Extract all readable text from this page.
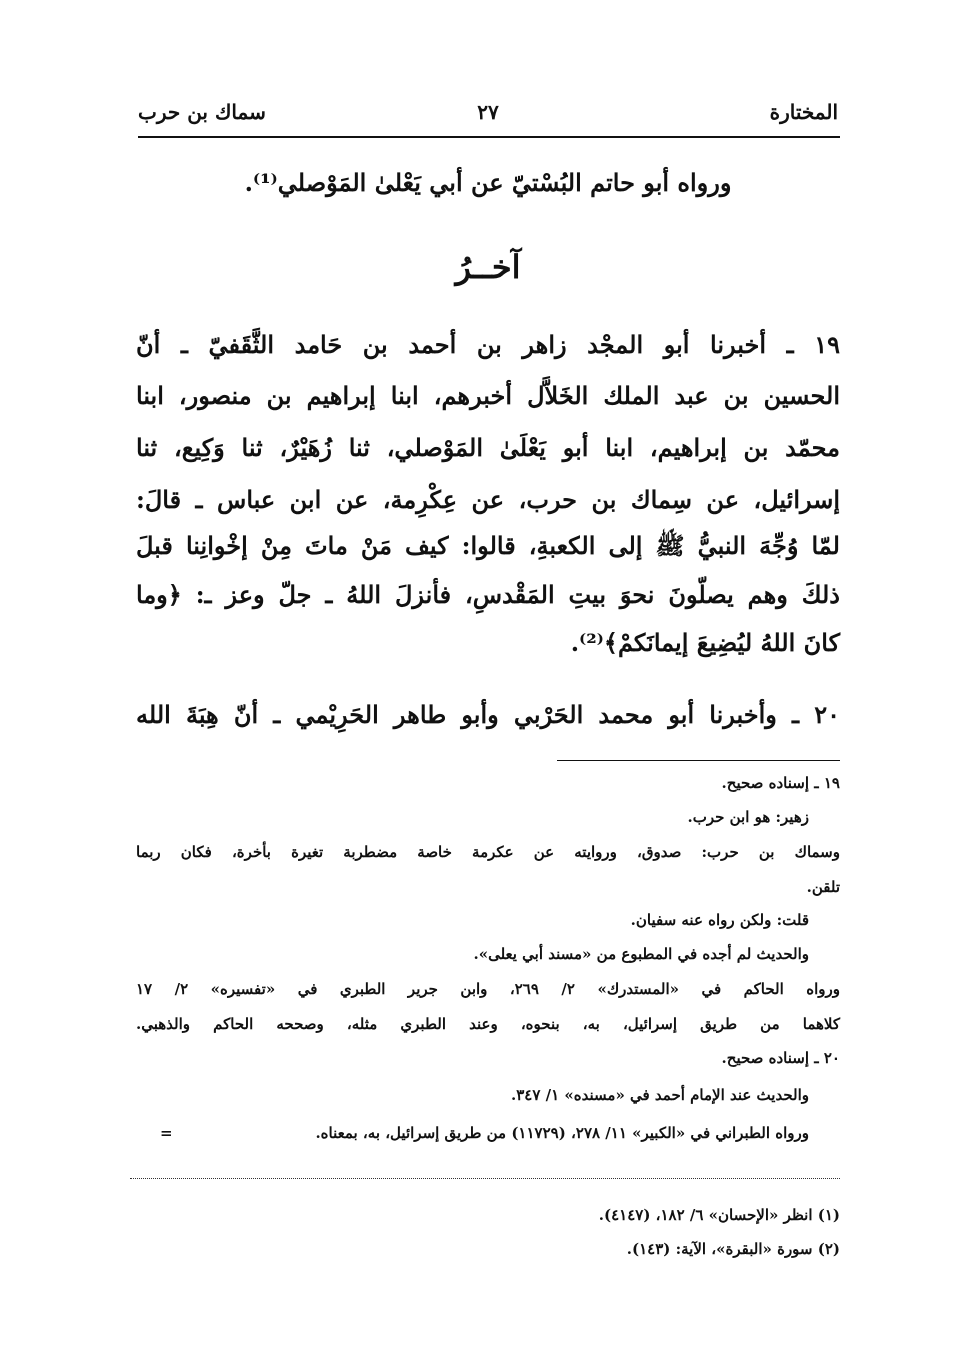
المختارة
٢٧
سماك بن حرب
ورواه أبو حاتم البُسْتيّ عن أبي يَعْلىٰ المَوْصلي⁽¹⁾.
آخــرُ
١٩ ـ أخبرنا أبو المجْد زاهر بن أحمد بن حَامد الثَّقَفيّ ـ أنّ
الحسين بن عبد الملك الخَلاَّل أخبرهم، ابنا إبراهيم بن منصور، ابنا
محمّد بن إبراهيم، ابنا أبو يَعْلَىٰ المَوْصلي، ثنا زُهَيْرٌ، ثنا وَكِيع، ثنا
إسرائيل، عن سِماك بن حرب، عن عِكْرِمة، عن ابن عباس ـ قالَ:
لمّا وُجِّهَ النبيُّ ﷺ إلى الكعبةِ، قالوا: كيف مَنْ ماتَ مِنْ إخْوانِنا قبلَ
ذلكَ وهم يصلّونَ نحوَ بيتِ المَقْدسِ، فأنزلَ اللهُ ـ جلّ وعز ـ: ﴿وما
كانَ اللهُ ليُضِيعَ إيمانَكمْ﴾⁽²⁾.
٢٠ ـ وأخبرنا أبو محمد الحَرْبي وأبو طاهر الحَرِيْمي ـ أنّ هِبَةَ الله
١٩ ـ
إسناده صحيح.
زهير: هو ابن حرب.
وسماك بن حرب: صدوق، وروايته عن عكرمة خاصة مضطربة تغيرة بأخرة، فكان ربما
تلقن.
قلت: ولكن رواه عنه سفيان.
والحديث لم أجده في المطبوع من «مسند أبي يعلى».
ورواه الحاكم في «المستدرك» ٢/ ٢٦٩، وابن جرير الطبري في «تفسيره» ٢/ ١٧
كلاهما من طريق إسرائيل، به، بنحوه، وعند الطبري مثله، وصححه الحاكم والذهبي.
٢٠ ـ
إسناده صحيح.
والحديث عند الإمام أحمد في «مسنده» ١/ ٣٤٧.
ورواه الطبراني في «الكبير» ١١/ ٢٧٨، (١١٧٢٩) من طريق إسرائيل، به، بمعناه.
=
(١) انظر «الإحسان» ٦/ ١٨٢، (٤١٤٧).
(٢) سورة «البقرة»، الآية: (١٤٣).
